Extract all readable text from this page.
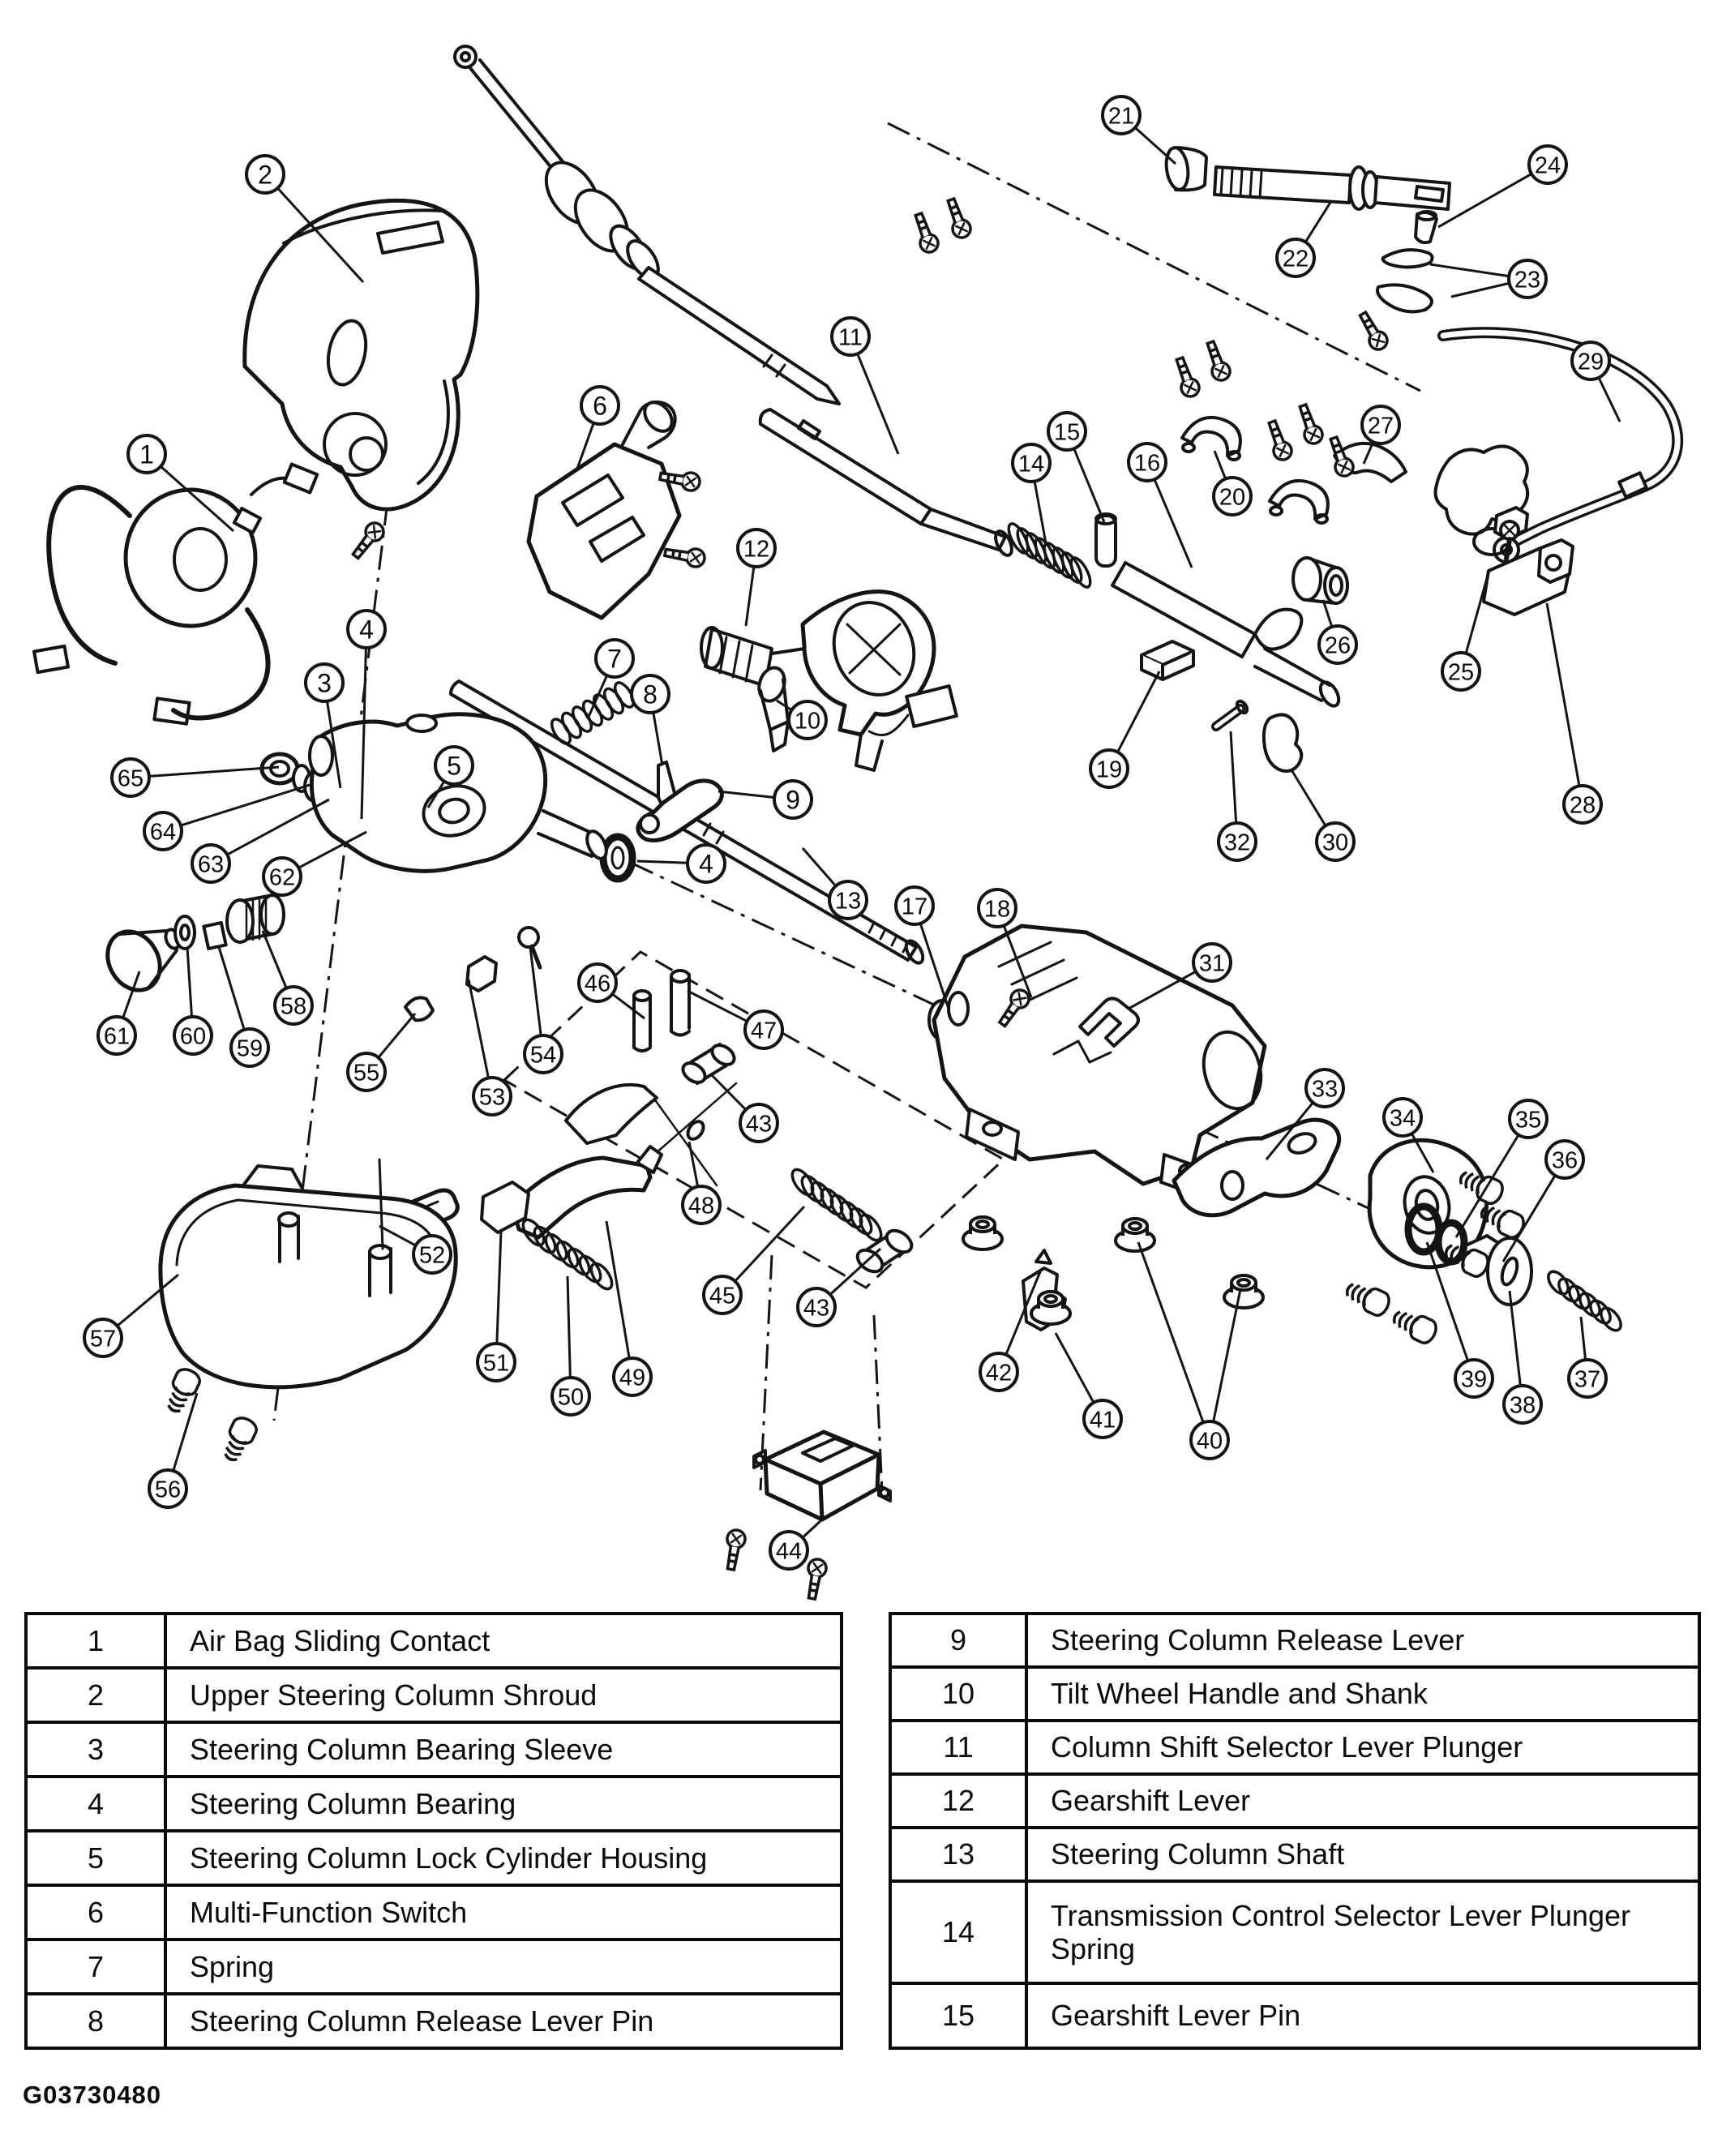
1
2
3
4
4
5
6
7
8
9
10
11
12
13
14
15
16
17 18
19
20
21
22
23
24
25
26
27
28
29
30
31
32
33
34	35
36
37
38
39
40
41
42
43
43
44
45
46
47
48
49
50
51
52
53
54
55
56
57
58
59
60
61
62
63
64
65
1	Air Bag Sliding Contact
2	Upper Steering Column Shroud
3	Steering Column Bearing Sleeve
4	Steering Column Bearing
5	Steering Column Lock Cylinder Housing
6	Multi-Function Switch
7	Spring
8	Steering Column Release Lever Pin
9	Steering Column Release Lever
10	Tilt Wheel Handle and Shank
11	Column Shift Selector Lever Plunger
12	Gearshift Lever
13	Steering Column Shaft
14	Transmission Control Selector Lever Plunger Spring
15	Gearshift Lever Pin
G03730480
